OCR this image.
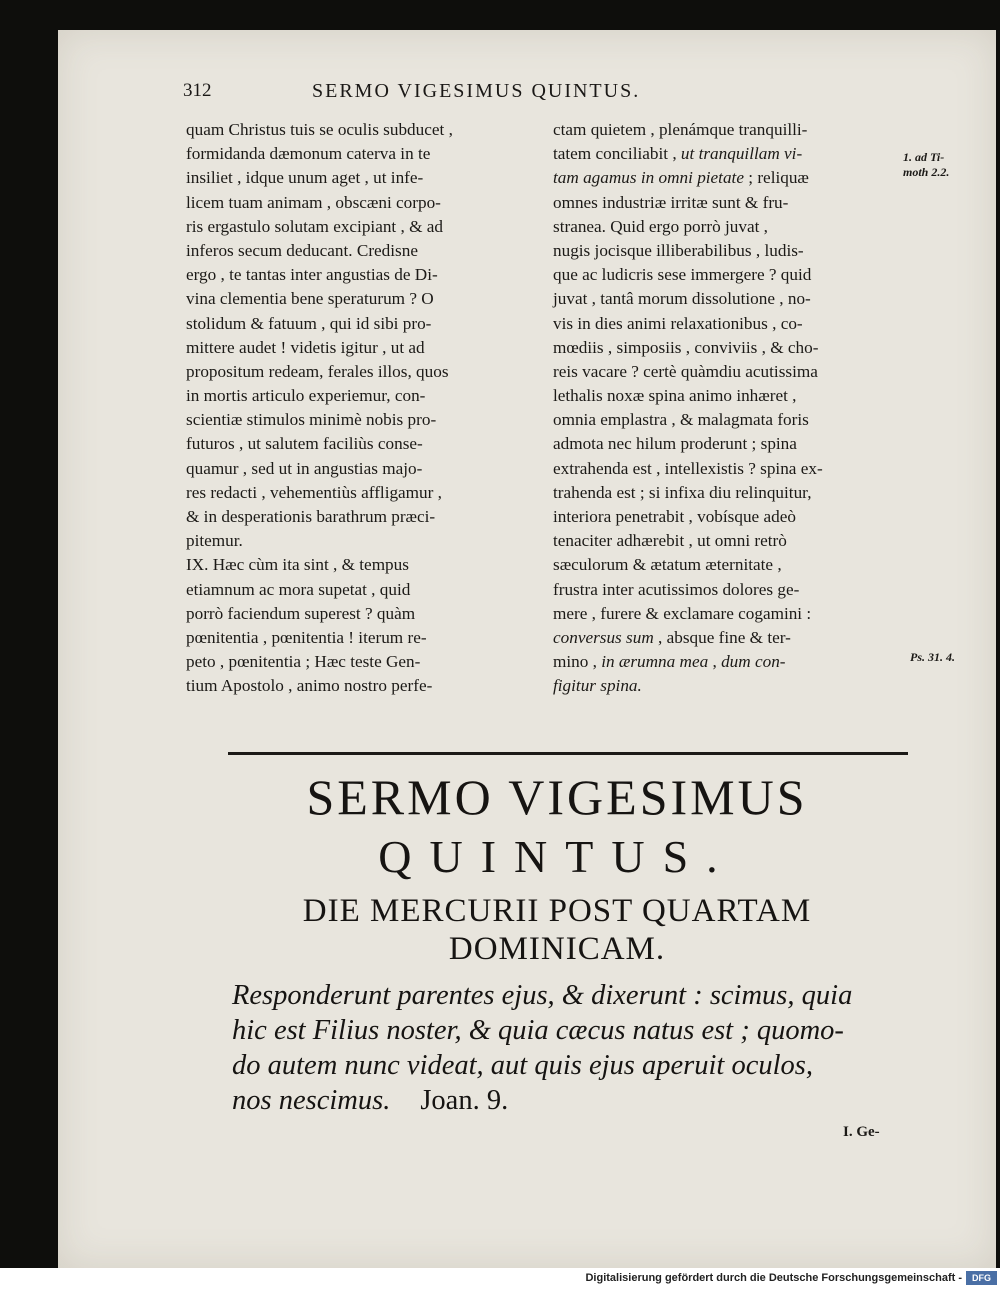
312	SERMO VIGESIMUS QUINTUS.
quam Christus tuis se oculis subducet ,
formidanda dæmonum caterva in te
insiliet , idque unum aget , ut infe-
licem tuam animam , obscæni corpo-
ris ergastulo solutam excipiant , & ad
inferos secum deducant. Credisne
ergo , te tantas inter angustias de Di-
vina clementia bene speraturum ? O
stolidum & fatuum , qui id sibi pro-
mittere audet ! videtis igitur , ut ad
propositum redeam, ferales illos, quos
in mortis articulo experiemur, con-
scientiæ stimulos minimè nobis pro-
futuros , ut salutem faciliùs conse-
quamur , sed ut in angustias majo-
res redacti , vehementiùs affligamur ,
& in desperationis barathrum præci-
pitemur.
IX. Hæc cùm ita sint , & tempus
etiamnum ac mora supetat , quid
porrò faciendum superest ? quàm
pœnitentia , pœnitentia ! iterum re-
peto , pœnitentia ; Hæc teste Gen-
tium Apostolo , animo nostro perfe-
ctam quietem , plenámque tranquilli-
tatem conciliabit , ut tranquillam vi-
tam agamus in omni pietate ; reliquæ
omnes industriæ irritæ sunt & fru-
stranea. Quid ergo porrò juvat ,
nugis jocisque illiberabilibus , ludis-
que ac ludicris sese immergere ? quid
juvat , tantâ morum dissolutione , no-
vis in dies animi relaxationibus , co-
mœdiis , simposiis , conviviis , & cho-
reis vacare ? certè quàmdiu acutissima
lethalis noxæ spina animo inhæret ,
omnia emplastra , & malagmata foris
admota nec hilum proderunt ; spina
extrahenda est , intellexistis ? spina ex-
trahenda est ; si infixa diu relinquitur,
interiora penetrabit , vobísque adeò
tenaciter adhærebit , ut omni retrò
sæculorum & ætatum æternitate ,
frustra inter acutissimos dolores ge-
mere , furere & exclamare cogamini :
conversus sum , absque fine & ter-
mino , in ærumna mea , dum con-
figitur spina.
1. ad Ti-
moth 2.2.
Ps. 31. 4.
SERMO VIGESIMUS
QUINTUS.
DIE MERCURII POST QUARTAM
DOMINICAM.
Responderunt parentes ejus, & dixerunt : scimus, quia
hic est Filius noster, & quia cæcus natus est ; quomo-
do autem nunc videat, aut quis ejus aperuit oculos,
nos nescimus. Joan. 9.
I. Ge-
Digitalisierung gefördert durch die Deutsche Forschungsgemeinschaft -	DFG
